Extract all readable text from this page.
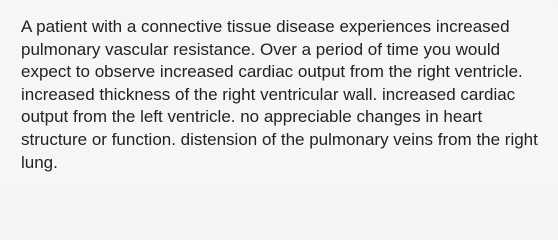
A patient with a connective tissue disease experiences increased pulmonary vascular resistance. Over a period of time you would expect to observe increased cardiac output from the right ventricle. increased thickness of the right ventricular wall. increased cardiac output from the left ventricle. no appreciable changes in heart structure or function. distension of the pulmonary veins from the right lung.
